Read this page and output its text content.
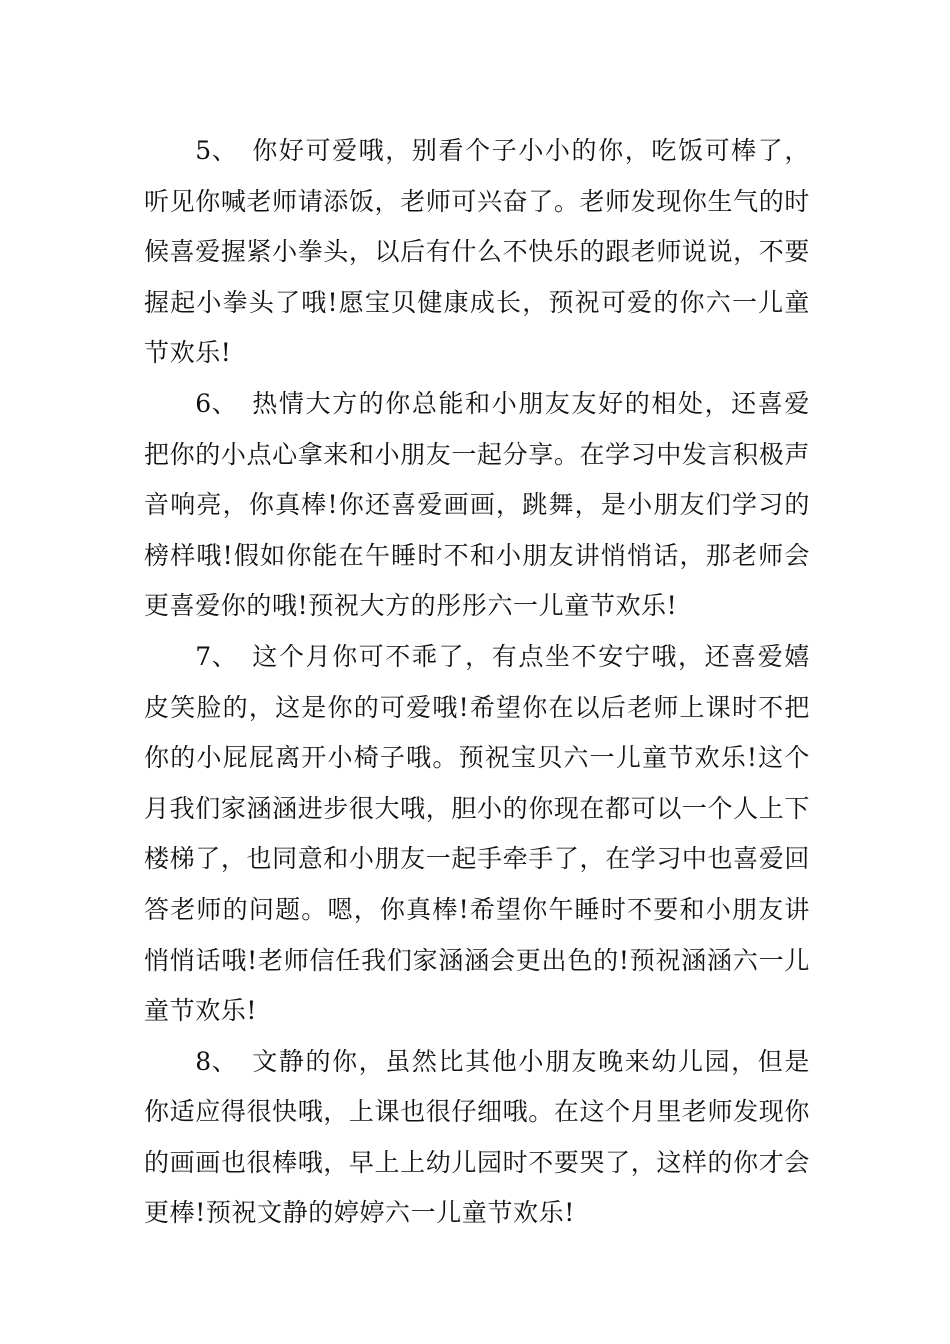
5、 你好可爱哦，别看个子小小的你，吃饭可棒了，听见你喊老师请添饭，老师可兴奋了。老师发现你生气的时候喜爱握紧小拳头，以后有什么不快乐的跟老师说说，不要握起小拳头了哦!愿宝贝健康成长，预祝可爱的你六一儿童节欢乐!

6、 热情大方的你总能和小朋友友好的相处，还喜爱把你的小点心拿来和小朋友一起分享。在学习中发言积极声音响亮，你真棒!你还喜爱画画，跳舞，是小朋友们学习的榜样哦!假如你能在午睡时不和小朋友讲悄悄话，那老师会更喜爱你的哦!预祝大方的彤彤六一儿童节欢乐!

7、 这个月你可不乖了，有点坐不安宁哦，还喜爱嬉皮笑脸的，这是你的可爱哦!希望你在以后老师上课时不把你的小屁屁离开小椅子哦。预祝宝贝六一儿童节欢乐!这个月我们家涵涵进步很大哦，胆小的你现在都可以一个人上下楼梯了，也同意和小朋友一起手牵手了，在学习中也喜爱回答老师的问题。嗯，你真棒!希望你午睡时不要和小朋友讲悄悄话哦!老师信任我们家涵涵会更出色的!预祝涵涵六一儿童节欢乐!

8、 文静的你，虽然比其他小朋友晚来幼儿园，但是你适应得很快哦，上课也很仔细哦。在这个月里老师发现你的画画也很棒哦，早上上幼儿园时不要哭了，这样的你才会更棒!预祝文静的婷婷六一儿童节欢乐!
